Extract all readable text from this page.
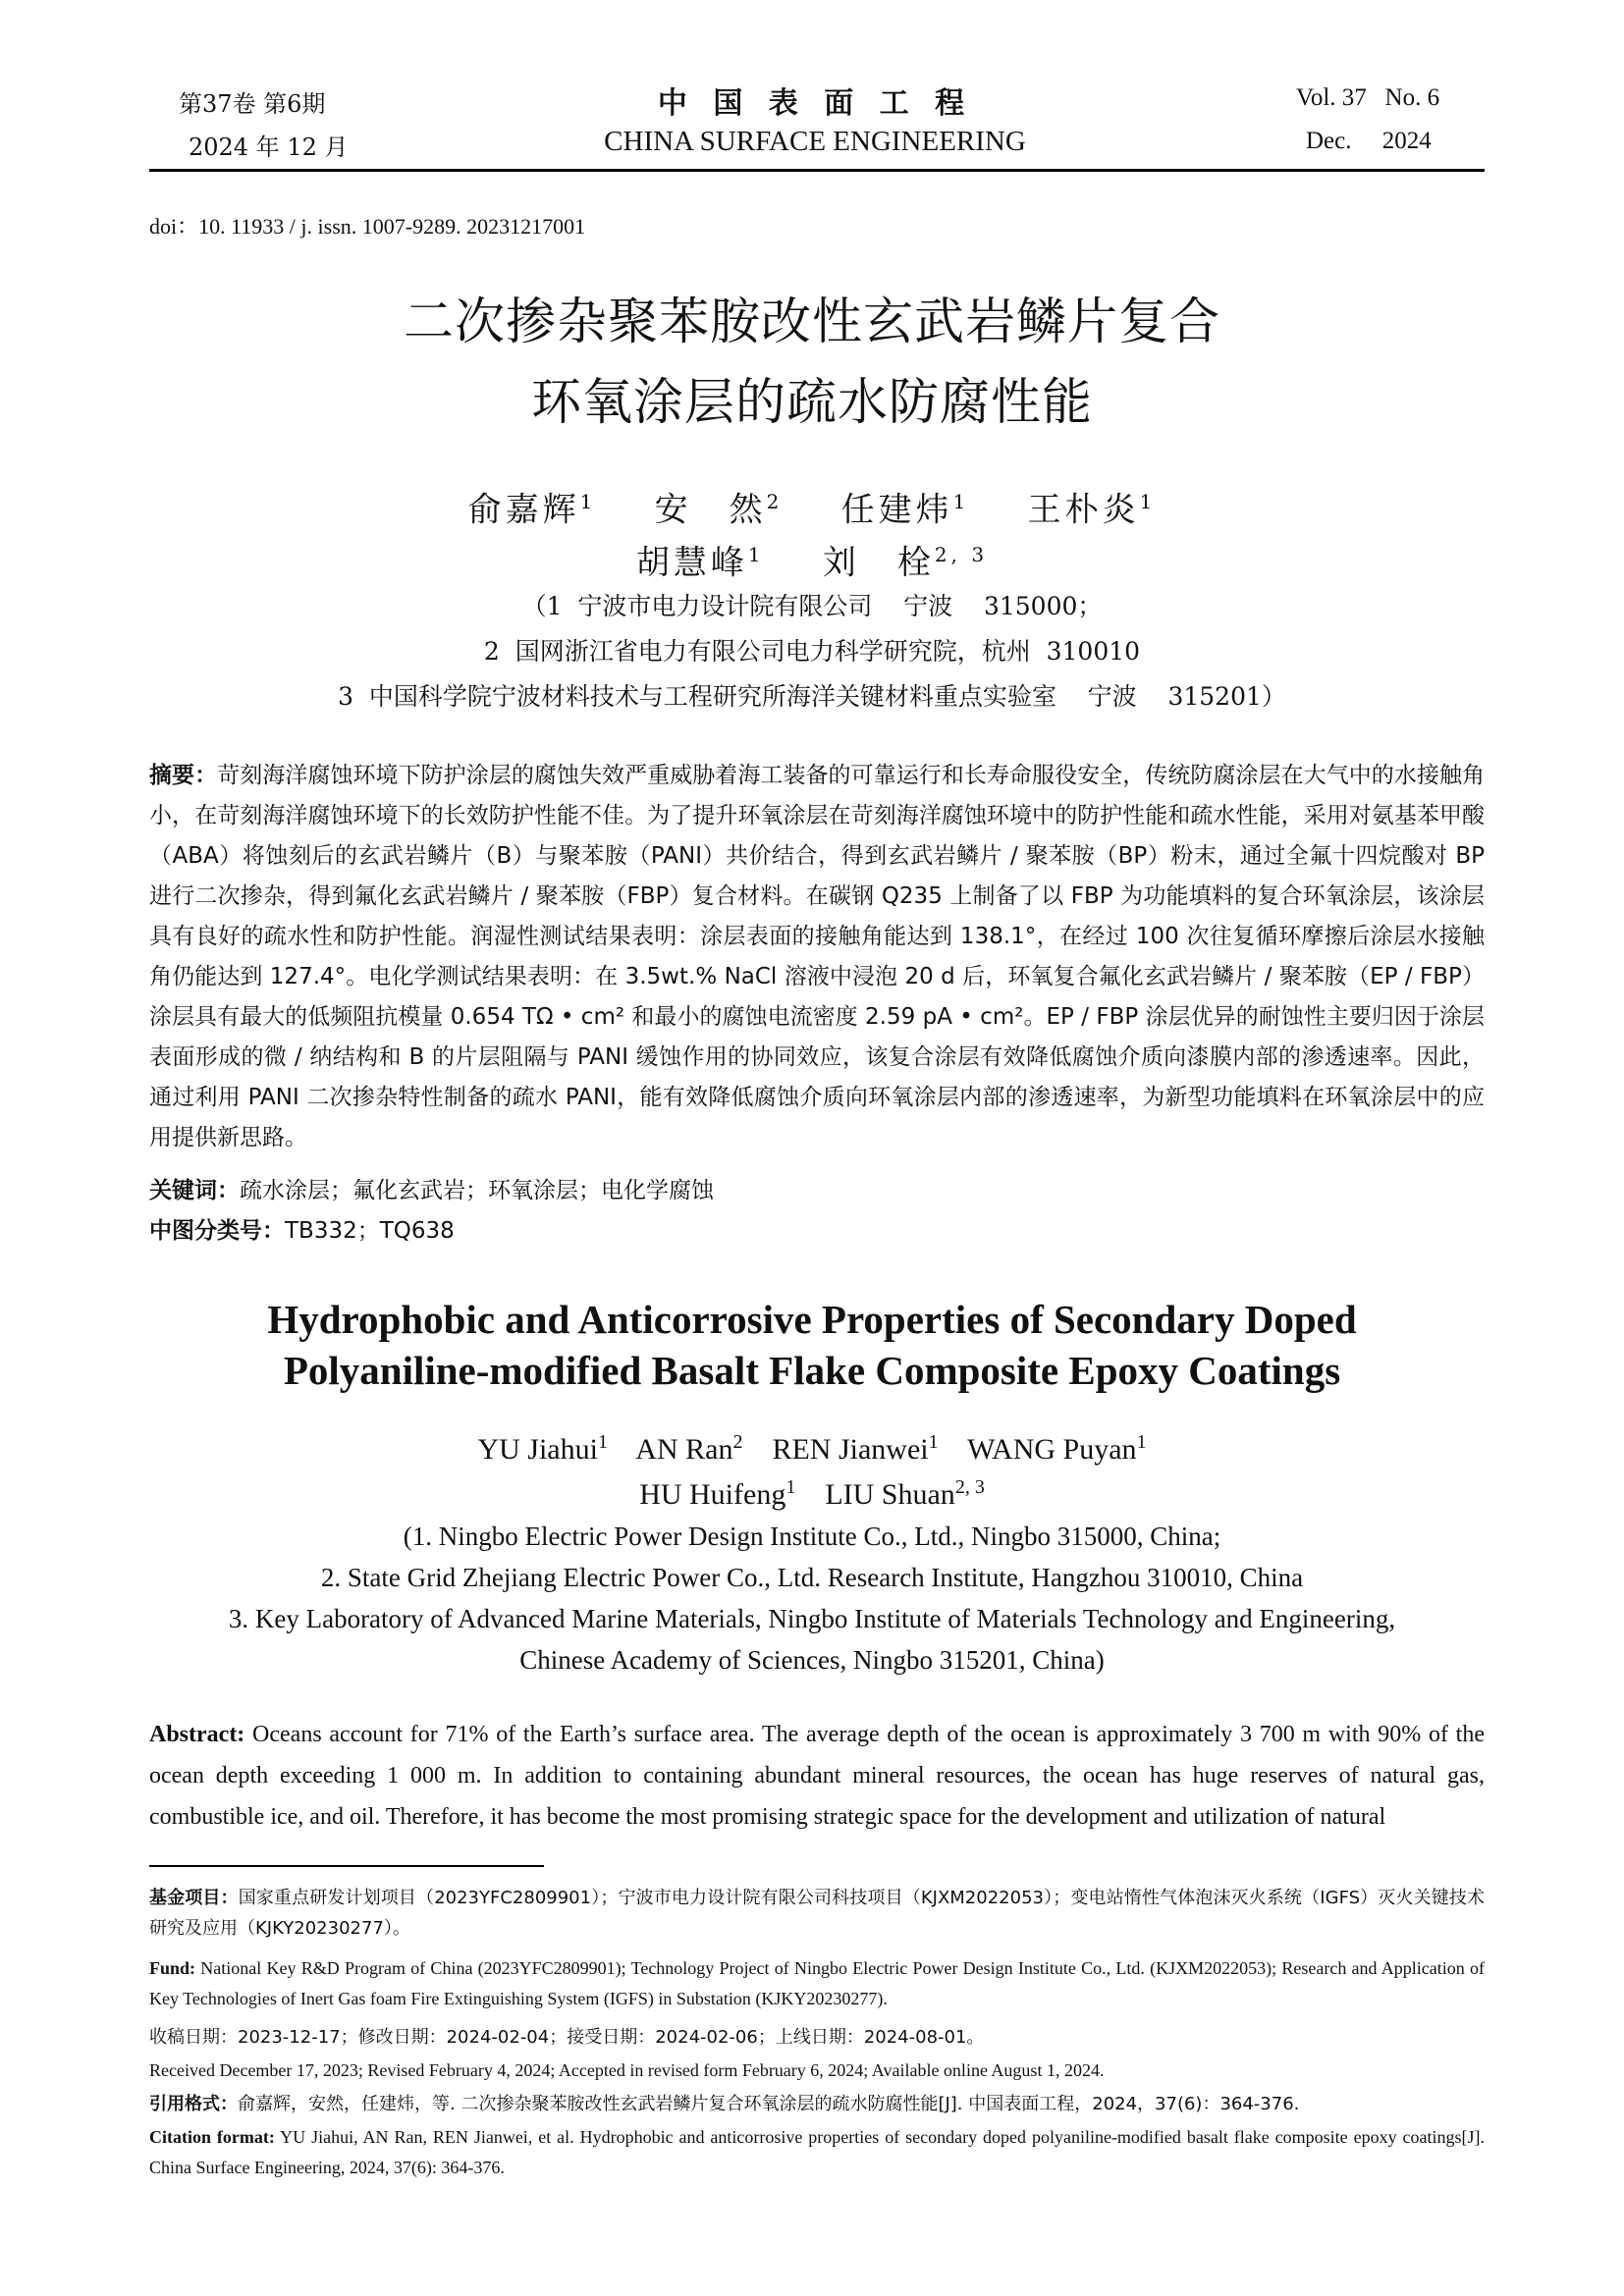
第37卷 第6期
2024 年 12 月
中 国 表 面 工 程
CHINA SURFACE ENGINEERING
Vol. 37   No. 6
Dec.     2024
doi：10. 11933 / j. issn. 1007-9289. 20231217001
二次掺杂聚苯胺改性玄武岩鳞片复合
环氧涂层的疏水防腐性能
俞嘉辉$^1$ 安　然$^2$ 任建炜$^1$ 王朴炎$^1$
胡慧峰$^1$ 刘　栓$^{2, 3}$
（1  宁波市电力设计院有限公司    宁波    315000；
2  国网浙江省电力有限公司电力科学研究院，杭州  310010
3  中国科学院宁波材料技术与工程研究所海洋关键材料重点实验室    宁波    315201）
摘要：苛刻海洋腐蚀环境下防护涂层的腐蚀失效严重威胁着海工装备的可靠运行和长寿命服役安全，传统防腐涂层在大气中的水接触角小，在苛刻海洋腐蚀环境下的长效防护性能不佳。为了提升环氧涂层在苛刻海洋腐蚀环境中的防护性能和疏水性能，采用对氨基苯甲酸（ABA）将蚀刻后的玄武岩鳞片（B）与聚苯胺（PANI）共价结合，得到玄武岩鳞片 / 聚苯胺（BP）粉末，通过全氟十四烷酸对 BP 进行二次掺杂，得到氟化玄武岩鳞片 / 聚苯胺（FBP）复合材料。在碳钢 Q235 上制备了以 FBP 为功能填料的复合环氧涂层，该涂层具有良好的疏水性和防护性能。润湿性测试结果表明：涂层表面的接触角能达到 138.1°，在经过 100 次往复循环摩擦后涂层水接触角仍能达到 127.4°。电化学测试结果表明：在 3.5wt.% NaCl 溶液中浸泡 20 d 后，环氧复合氟化玄武岩鳞片 / 聚苯胺（EP / FBP）涂层具有最大的低频阻抗模量 0.654 TΩ • cm² 和最小的腐蚀电流密度 2.59 pA • cm²。EP / FBP 涂层优异的耐蚀性主要归因于涂层表面形成的微 / 纳结构和 B 的片层阻隔与 PANI 缓蚀作用的协同效应，该复合涂层有效降低腐蚀介质向漆膜内部的渗透速率。因此，通过利用 PANI 二次掺杂特性制备的疏水 PANI，能有效降低腐蚀介质向环氧涂层内部的渗透速率，为新型功能填料在环氧涂层中的应用提供新思路。
关键词：疏水涂层；氟化玄武岩；环氧涂层；电化学腐蚀
中图分类号：TB332；TQ638
Hydrophobic and Anticorrosive Properties of Secondary Doped
Polyaniline-modified Basalt Flake Composite Epoxy Coatings
YU Jiahui$^1$ AN Ran$^2$ REN Jianwei$^1$ WANG Puyan$^1$
HU Huifeng$^1$ LIU Shuan$^{2, 3}$
(1. Ningbo Electric Power Design Institute Co., Ltd., Ningbo 315000, China;
2. State Grid Zhejiang Electric Power Co., Ltd. Research Institute, Hangzhou 310010, China
3. Key Laboratory of Advanced Marine Materials, Ningbo Institute of Materials Technology and Engineering,
Chinese Academy of Sciences, Ningbo 315201, China)
Abstract: Oceans account for 71% of the Earth’s surface area. The average depth of the ocean is approximately 3 700 m with 90% of the ocean depth exceeding 1 000 m. In addition to containing abundant mineral resources, the ocean has huge reserves of natural gas, combustible ice, and oil. Therefore, it has become the most promising strategic space for the development and utilization of natural
基金项目：国家重点研发计划项目（2023YFC2809901）；宁波市电力设计院有限公司科技项目（KJXM2022053）；变电站惰性气体泡沫灭火系统（IGFS）灭火关键技术研究及应用（KJKY20230277）。
Fund: National Key R&D Program of China (2023YFC2809901); Technology Project of Ningbo Electric Power Design Institute Co., Ltd. (KJXM2022053); Research and Application of Key Technologies of Inert Gas foam Fire Extinguishing System (IGFS) in Substation (KJKY20230277).
收稿日期：2023-12-17；修改日期：2024-02-04；接受日期：2024-02-06；上线日期：2024-08-01。
Received December 17, 2023; Revised February 4, 2024; Accepted in revised form February 6, 2024; Available online August 1, 2024.
引用格式：俞嘉辉，安然，任建炜，等. 二次掺杂聚苯胺改性玄武岩鳞片复合环氧涂层的疏水防腐性能[J]. 中国表面工程，2024，37(6)：364-376.
Citation format: YU Jiahui, AN Ran, REN Jianwei, et al. Hydrophobic and anticorrosive properties of secondary doped polyaniline-modified basalt flake composite epoxy coatings[J]. China Surface Engineering, 2024, 37(6): 364-376.
